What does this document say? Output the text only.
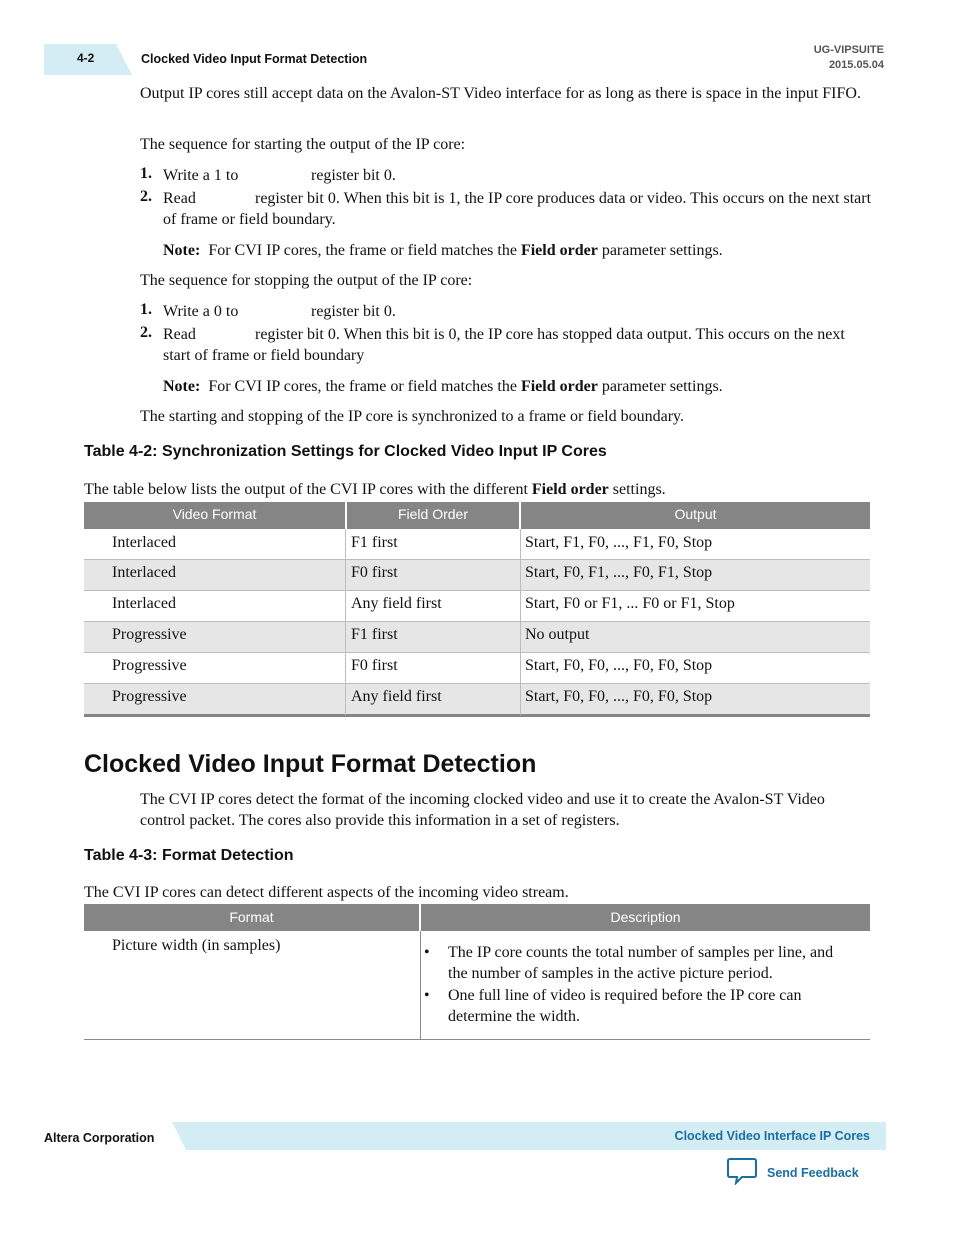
4-2	Clocked Video Input Format Detection
UG-VIPSUITE
2015.05.04
Output IP cores still accept data on the Avalon-ST Video interface for as long as there is space in the input FIFO.
The sequence for starting the output of the IP core:
1. Write a 1 to	register bit 0.
2. Read	register bit 0. When this bit is 1, the IP core produces data or video. This occurs on the next start of frame or field boundary.
Note: For CVI IP cores, the frame or field matches the Field order parameter settings.
The sequence for stopping the output of the IP core:
1. Write a 0 to	register bit 0.
2. Read	register bit 0. When this bit is 0, the IP core has stopped data output. This occurs on the next start of frame or field boundary
Note: For CVI IP cores, the frame or field matches the Field order parameter settings.
The starting and stopping of the IP core is synchronized to a frame or field boundary.
Table 4-2: Synchronization Settings for Clocked Video Input IP Cores
The table below lists the output of the CVI IP cores with the different Field order settings.
Video Format	Field Order	Output
Interlaced	F1 first	Start, F1, F0, ..., F1, F0, Stop
Interlaced	F0 first	Start, F0, F1, ..., F0, F1, Stop
Interlaced	Any field first	Start, F0 or F1, ... F0 or F1, Stop
Progressive	F1 first	No output
Progressive	F0 first	Start, F0, F0, ..., F0, F0, Stop
Progressive	Any field first	Start, F0, F0, ..., F0, F0, Stop
Clocked Video Input Format Detection
The CVI IP cores detect the format of the incoming clocked video and use it to create the Avalon-ST Video control packet. The cores also provide this information in a set of registers.
Table 4-3: Format Detection
The CVI IP cores can detect different aspects of the incoming video stream.
Format	Description
Picture width (in samples)	• The IP core counts the total number of samples per line, and the number of samples in the active picture period.
• One full line of video is required before the IP core can determine the width.
Altera Corporation	Clocked Video Interface IP Cores
Send Feedback
